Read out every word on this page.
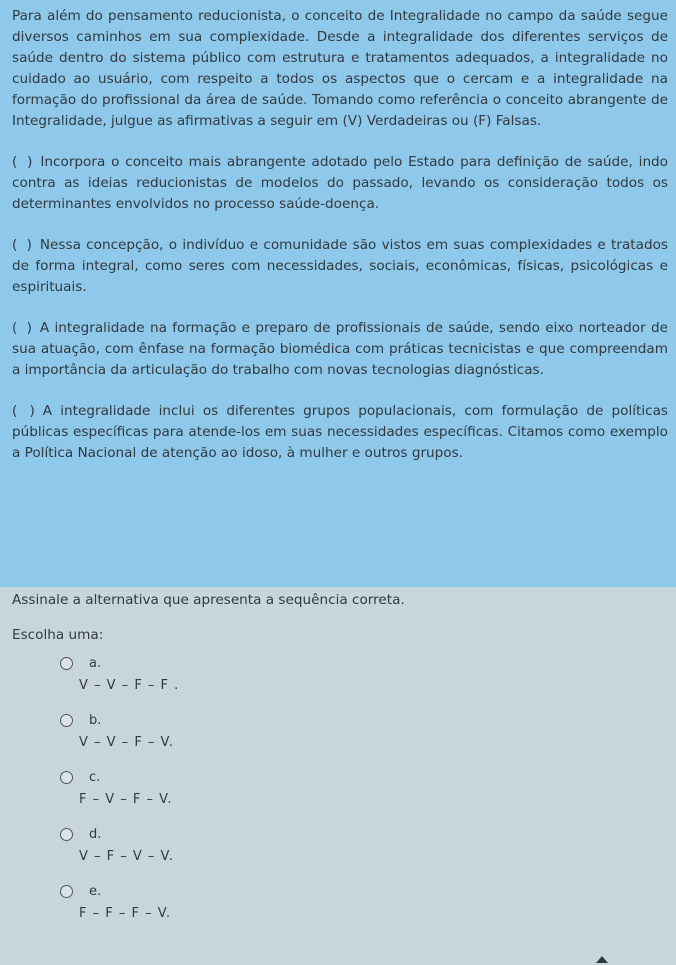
Para além do pensamento reducionista, o conceito de Integralidade no campo da saúde segue diversos caminhos em sua complexidade. Desde a integralidade dos diferentes serviços de saúde dentro do sistema público com estrutura e tratamentos adequados, a integralidade no cuidado ao usuário, com respeito a todos os aspectos que o cercam e a integralidade na formação do profissional da área de saúde. Tomando como referência o conceito abrangente de Integralidade, julgue as afirmativas a seguir em (V) Verdadeiras ou (F) Falsas.

( ) Incorpora o conceito mais abrangente adotado pelo Estado para definição de saúde, indo contra as ideias reducionistas de modelos do passado, levando os consideração todos os determinantes envolvidos no processo saúde-doença.

( ) Nessa concepção, o indivíduo e comunidade são vistos em suas complexidades e tratados de forma integral, como seres com necessidades, sociais, econômicas, físicas, psicológicas e espirituais.

( ) A integralidade na formação e preparo de profissionais de saúde, sendo eixo norteador de sua atuação, com ênfase na formação biomédica com práticas tecnicistas e que compreendam a importância da articulação do trabalho com novas tecnologias diagnósticas.

( ) A integralidade inclui os diferentes grupos populacionais, com formulação de políticas públicas específicas para atende-los em suas necessidades específicas. Citamos como exemplo a Política Nacional de atenção ao idoso, à mulher e outros grupos.

Assinale a alternativa que apresenta a sequência correta.

Escolha uma:

a.
V – V – F – F .
b.
V – V – F – V.
c.
F – V – F – V.
d.
V – F – V – V.
e.
F – F – F – V.
